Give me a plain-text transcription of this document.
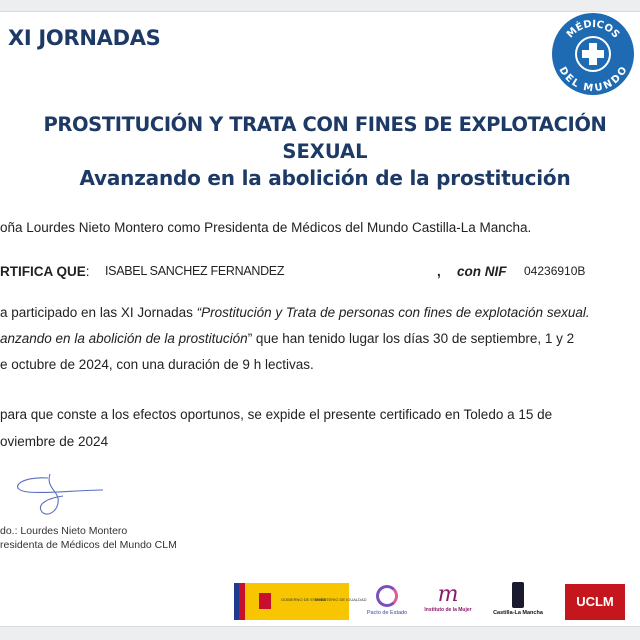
XI JORNADAS	MÉDICOS
DEL MUNDO
PROSTITUCIÓN Y TRATA CON FINES DE EXPLOTACIÓN
SEXUAL
Avanzando en la abolición de la prostitución
oña Lourdes Nieto Montero como Presidenta de Médicos del Mundo Castilla-La Mancha.
RTIFICA QUE: ISABEL SANCHEZ FERNANDEZ	, con NIF 04236910B
a participado en las XI Jornadas “Prostitución y Trata de personas con fines de explotación sexual.
anzando en la abolición de la prostitución” que han tenido lugar los días 30 de septiembre, 1 y 2
e octubre de 2024, con una duración de 9 h lectivas.
para que conste a los efectos oportunos, se expide el presente certificado en Toledo a 15 de
oviembre de 2024
do.: Lourdes Nieto Montero
residenta de Médicos del Mundo CLM
GOBIERNO DE ESPAÑA
MINISTERIO DE IGUALDAD
Pacto de Estado
m
Instituto de la Mujer	Castilla-La Mancha
UCLM
